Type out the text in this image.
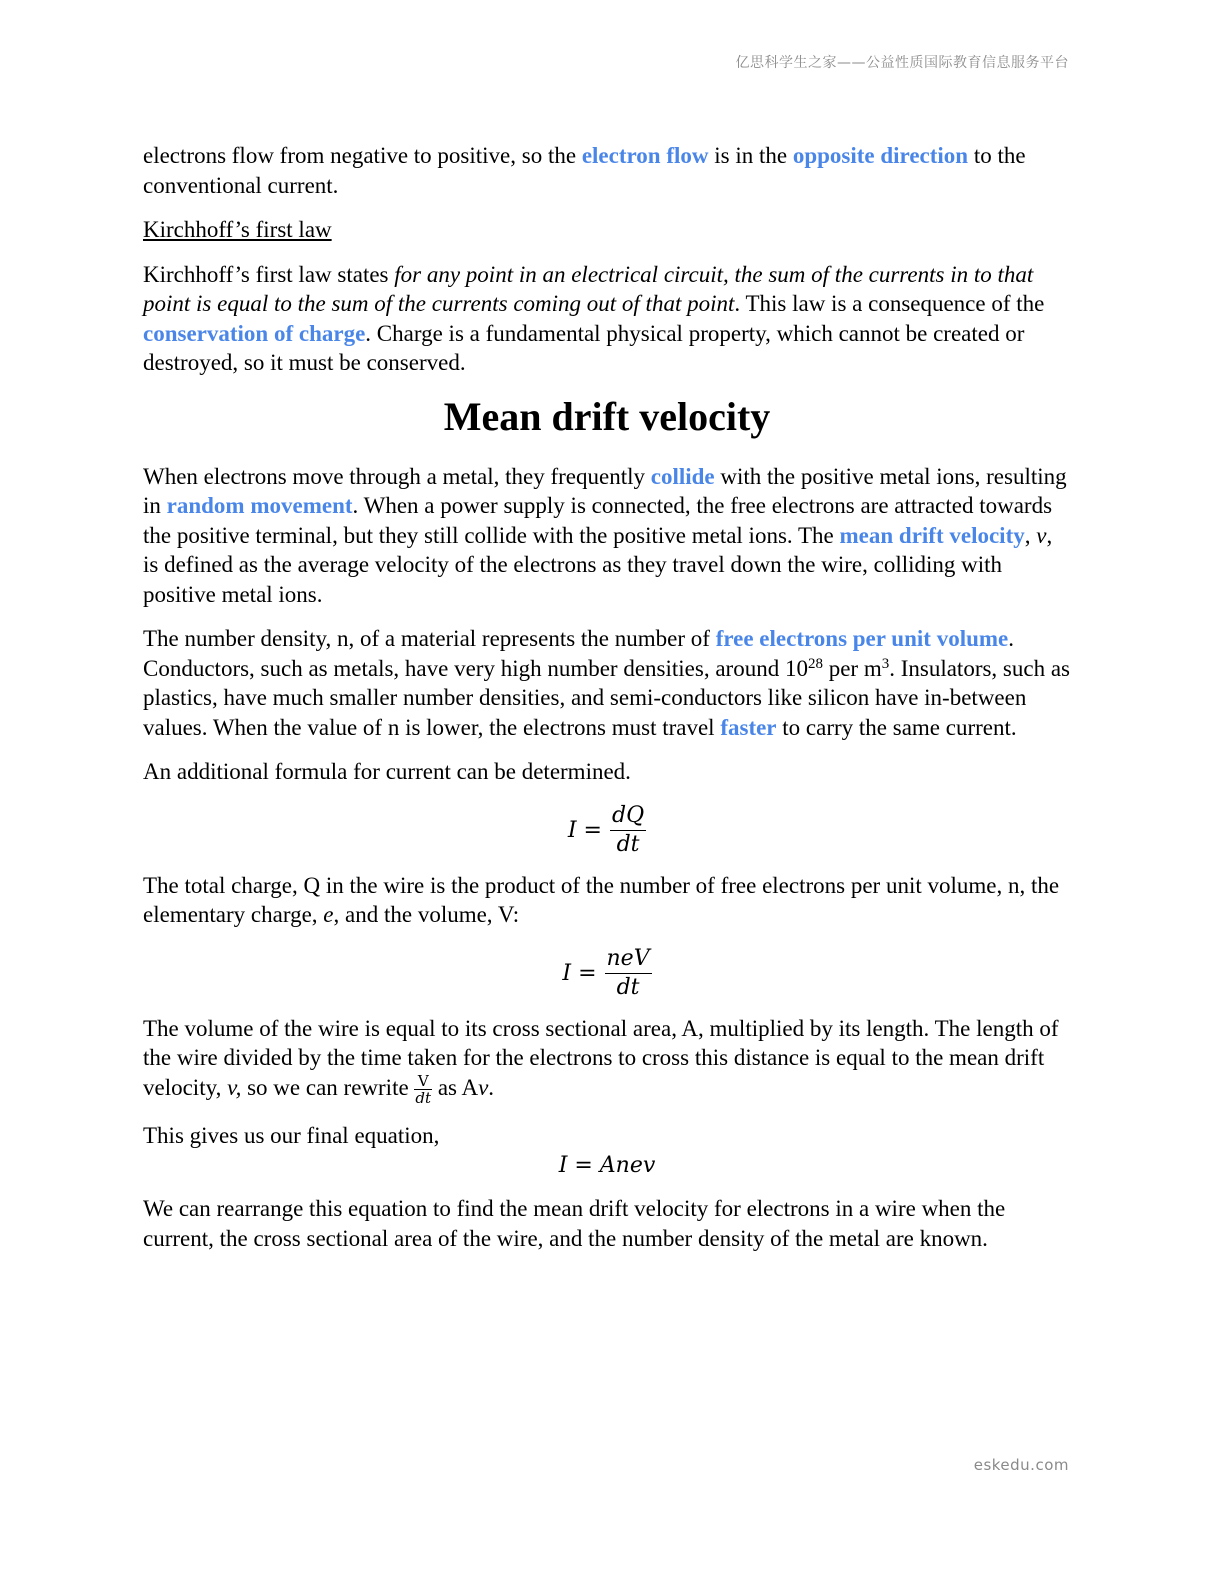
亿思科学生之家——公益性质国际教育信息服务平台

electrons flow from negative to positive, so the electron flow is in the opposite direction to the conventional current.

Kirchhoff’s first law

Kirchhoff’s first law states for any point in an electrical circuit, the sum of the currents in to that point is equal to the sum of the currents coming out of that point. This law is a consequence of the conservation of charge. Charge is a fundamental physical property, which cannot be created or destroyed, so it must be conserved.

Mean drift velocity

When electrons move through a metal, they frequently collide with the positive metal ions, resulting in random movement. When a power supply is connected, the free electrons are attracted towards the positive terminal, but they still collide with the positive metal ions. The mean drift velocity, v, is defined as the average velocity of the electrons as they travel down the wire, colliding with positive metal ions.

The number density, n, of a material represents the number of free electrons per unit volume. Conductors, such as metals, have very high number densities, around $10^{28}$ per $m^3$. Insulators, such as plastics, have much smaller number densities, and semi-conductors like silicon have in-between values. When the value of n is lower, the electrons must travel faster to carry the same current.

An additional formula for current can be determined.

$I = \frac{dQ}{dt}$

The total charge, Q in the wire is the product of the number of free electrons per unit volume, n, the elementary charge, e, and the volume, V:

$I = \frac{\text{neV}}{dt}$

The volume of the wire is equal to its cross sectional area, A, multiplied by its length. The length of the wire divided by the time taken for the electrons to cross this distance is equal to the mean drift velocity, v, so we can rewrite $\frac{V}{dt}$ as Av.

This gives us our final equation,

I = Anev

We can rearrange this equation to find the mean drift velocity for electrons in a wire when the current, the cross sectional area of the wire, and the number density of the metal are known.

eskedu.com
